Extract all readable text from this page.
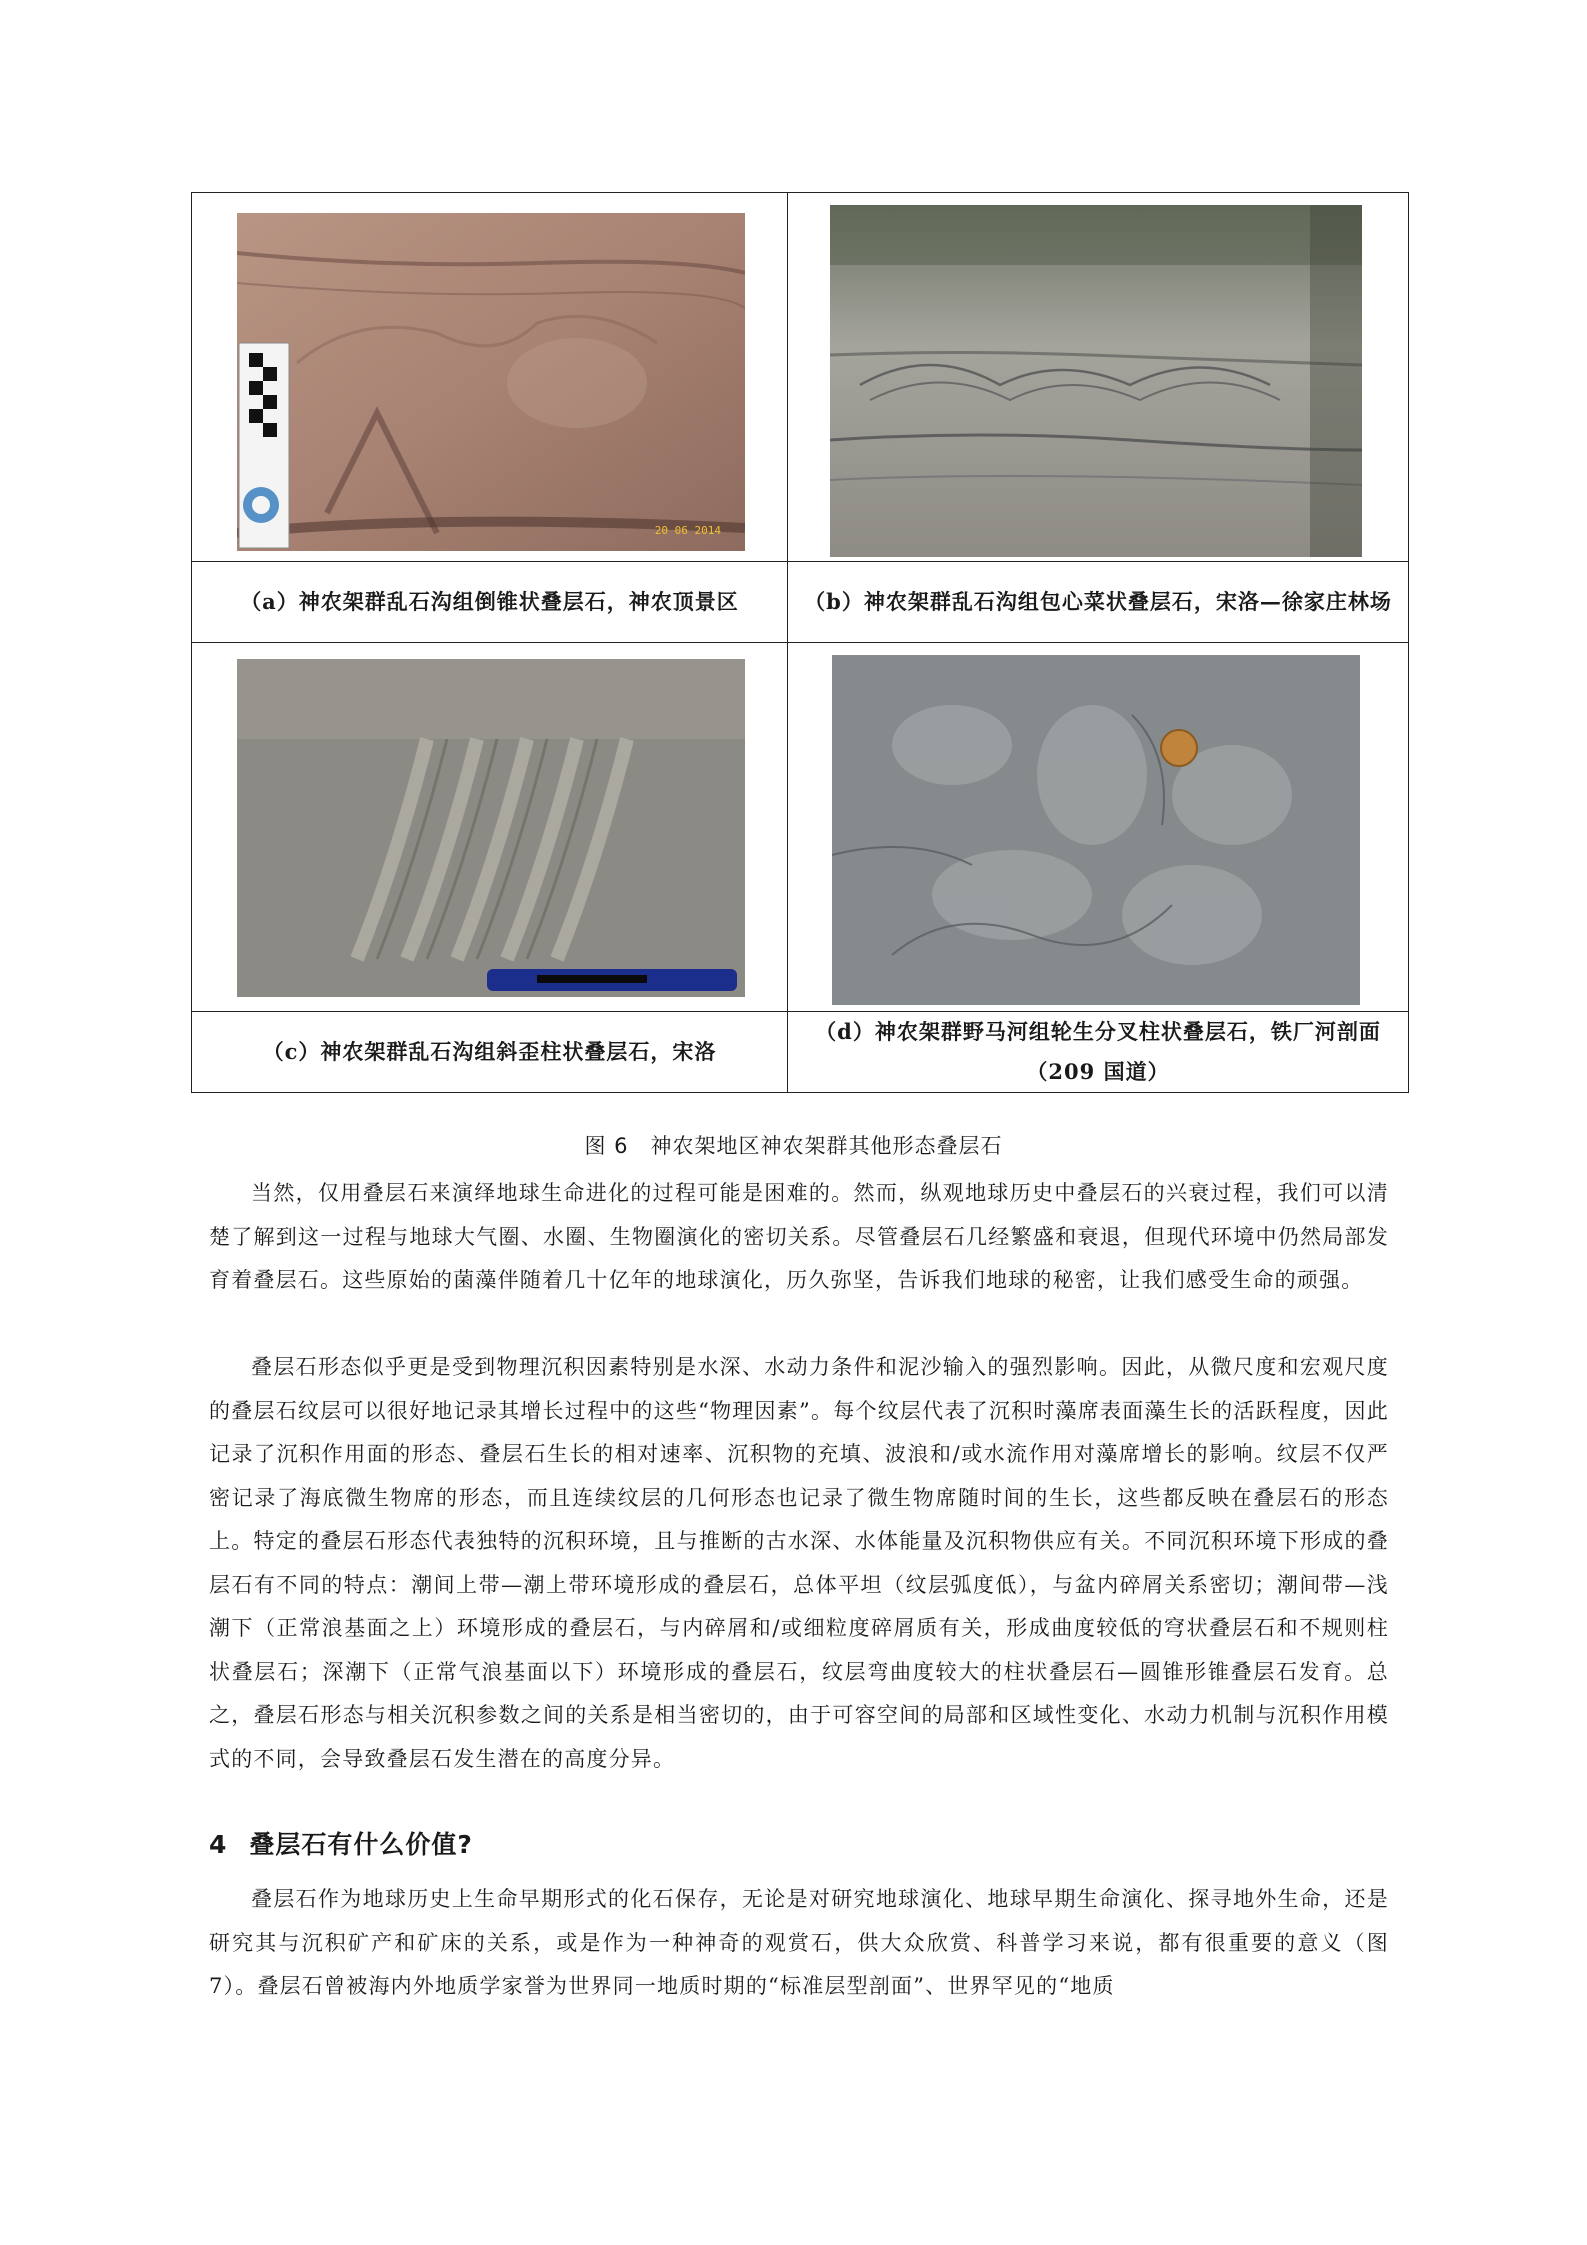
20 06 2014

（a）神农架群乱石沟组倒锥状叠层石，神农顶景区	（b）神农架群乱石沟组包心菜状叠层石，宋洛—徐家庄林场

（c）神农架群乱石沟组斜歪柱状叠层石，宋洛	（d）神农架群野马河组轮生分叉柱状叠层石，铁厂河剖面（209 国道）
图 6　神农架地区神农架群其他形态叠层石

当然，仅用叠层石来演绎地球生命进化的过程可能是困难的。然而，纵观地球历史中叠层石的兴衰过程，我们可以清楚了解到这一过程与地球大气圈、水圈、生物圈演化的密切关系。尽管叠层石几经繁盛和衰退，但现代环境中仍然局部发育着叠层石。这些原始的菌藻伴随着几十亿年的地球演化，历久弥坚，告诉我们地球的秘密，让我们感受生命的顽强。

叠层石形态似乎更是受到物理沉积因素特别是水深、水动力条件和泥沙输入的强烈影响。因此，从微尺度和宏观尺度的叠层石纹层可以很好地记录其增长过程中的这些“物理因素”。每个纹层代表了沉积时藻席表面藻生长的活跃程度，因此记录了沉积作用面的形态、叠层石生长的相对速率、沉积物的充填、波浪和/或水流作用对藻席增长的影响。纹层不仅严密记录了海底微生物席的形态，而且连续纹层的几何形态也记录了微生物席随时间的生长，这些都反映在叠层石的形态上。特定的叠层石形态代表独特的沉积环境，且与推断的古水深、水体能量及沉积物供应有关。不同沉积环境下形成的叠层石有不同的特点：潮间上带—潮上带环境形成的叠层石，总体平坦（纹层弧度低），与盆内碎屑关系密切；潮间带—浅潮下（正常浪基面之上）环境形成的叠层石，与内碎屑和/或细粒度碎屑质有关，形成曲度较低的穹状叠层石和不规则柱状叠层石；深潮下（正常气浪基面以下）环境形成的叠层石，纹层弯曲度较大的柱状叠层石—圆锥形锥叠层石发育。总之，叠层石形态与相关沉积参数之间的关系是相当密切的，由于可容空间的局部和区域性变化、水动力机制与沉积作用模式的不同，会导致叠层石发生潜在的高度分异。

4 叠层石有什么价值?

叠层石作为地球历史上生命早期形式的化石保存，无论是对研究地球演化、地球早期生命演化、探寻地外生命，还是研究其与沉积矿产和矿床的关系，或是作为一种神奇的观赏石，供大众欣赏、科普学习来说，都有很重要的意义（图 7）。叠层石曾被海内外地质学家誉为世界同一地质时期的“标准层型剖面”、世界罕见的“地质
